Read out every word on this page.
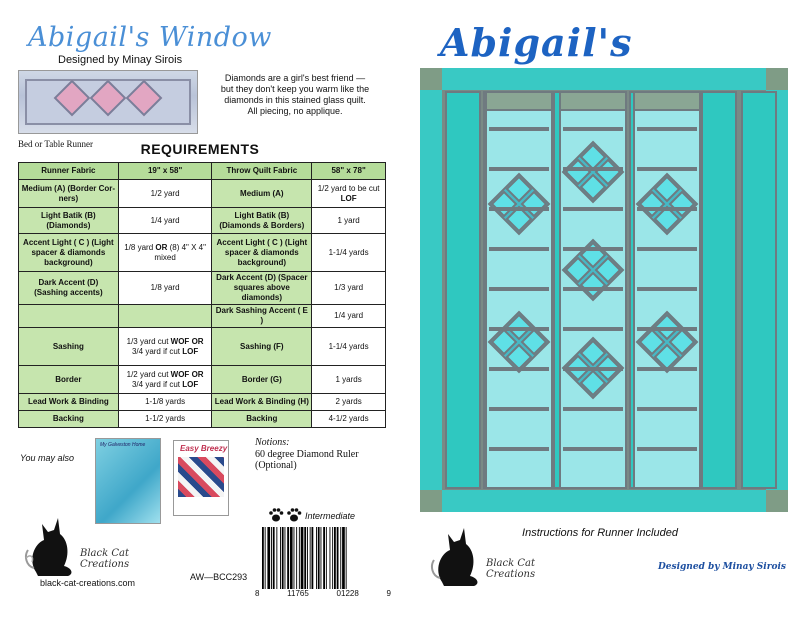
Abigail's Window
Designed by Minay Sirois
Bed or Table Runner
Diamonds are a girl's best friend —
but they don't keep you warm like the
diamonds in this stained glass quilt.
All piecing, no applique.
REQUIREMENTS
Runner Fabric	19" x 58"	Throw Quilt Fabric	58" x 78"
Medium (A) (Border Cor-ners)	1/2 yard	Medium (A)	1/2 yard to be cut LOF
Light Batik (B) (Diamonds)	1/4 yard	Light Batik (B) (Diamonds & Borders)	1 yard
Accent Light ( C ) (Light spacer & diamonds background)	1/8 yard OR (8) 4" X 4" mixed	Accent Light ( C ) (Light spacer & diamonds background)	1-1/4 yards
Dark Accent (D) (Sashing accents)	1/8 yard	Dark Accent (D) (Spacer squares above diamonds)	1/3 yard
		Dark Sashing Accent ( E )	1/4 yard
Sashing	1/3 yard cut WOF OR 3/4 yard if cut LOF	Sashing (F)	1-1/4 yards
Border	1/2 yard cut WOF OR 3/4 yard if cut LOF	Border (G)	1 yards
Lead Work & Binding	1-1/8 yards	Lead Work & Binding (H)	2 yards
Backing	1-1/2 yards	Backing	4-1/2 yards
You may also
My Galveston Home	Easy Breezy
Notions:
60 degree Diamond Ruler (Optional)
Intermediate
8	11765	01228	9
AW—BCC293
Black Cat Creations
black-cat-creations.com
Abigail's
Instructions for Runner Included
Black Cat Creations
Designed by Minay Sirois
